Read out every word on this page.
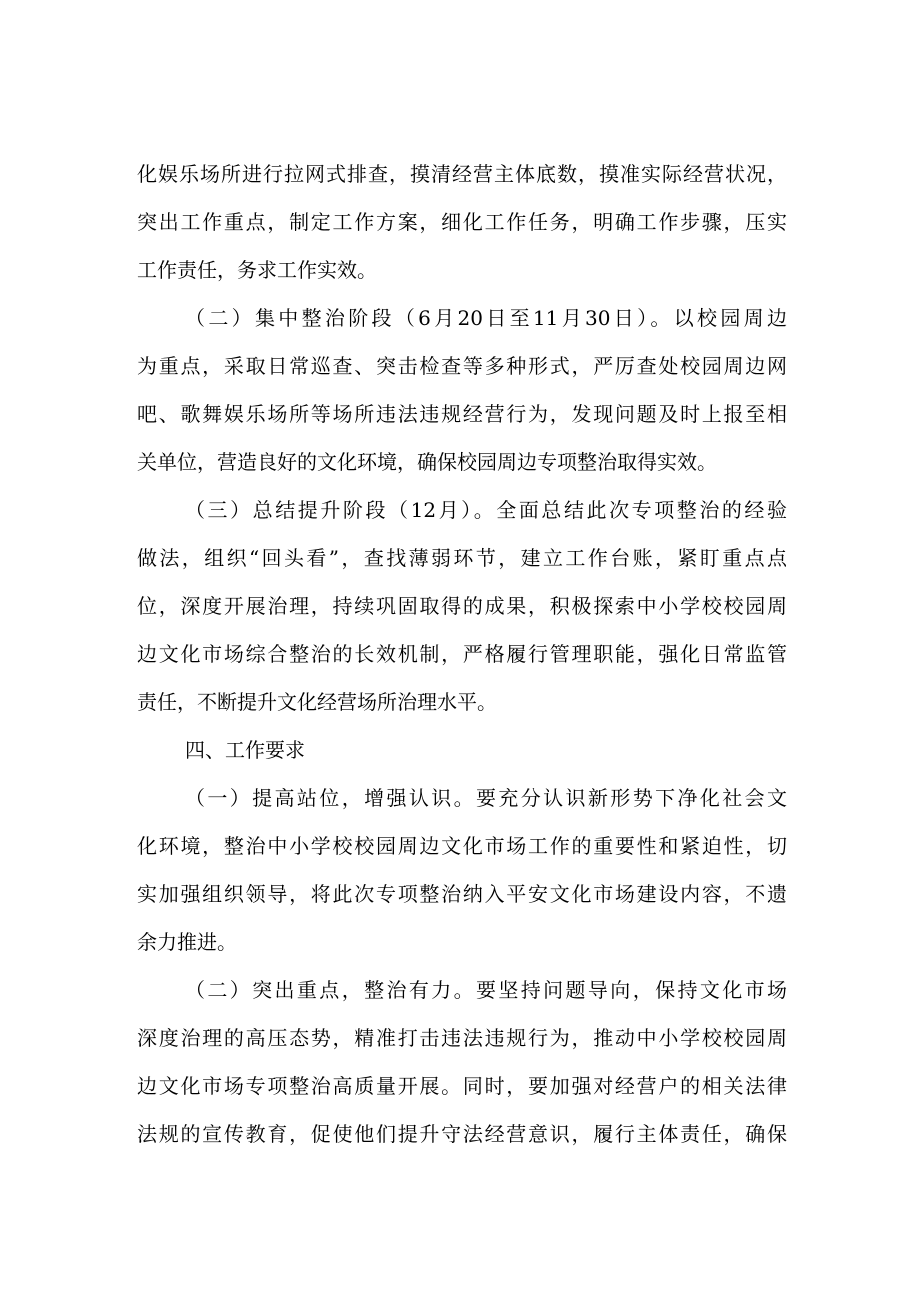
化娱乐场所进行拉网式排查，摸清经营主体底数，摸准实际经营状况，
突出工作重点，制定工作方案，细化工作任务，明确工作步骤，压实
工作责任，务求工作实效。
（二）集中整治阶段（6月20日至11月30日）。以校园周边
为重点，采取日常巡查、突击检查等多种形式，严厉查处校园周边网
吧、歌舞娱乐场所等场所违法违规经营行为，发现问题及时上报至相
关单位，营造良好的文化环境，确保校园周边专项整治取得实效。
（三）总结提升阶段（12月）。全面总结此次专项整治的经验
做法，组织“回头看”，查找薄弱环节，建立工作台账，紧盯重点点
位，深度开展治理，持续巩固取得的成果，积极探索中小学校校园周
边文化市场综合整治的长效机制，严格履行管理职能，强化日常监管
责任，不断提升文化经营场所治理水平。
四、工作要求
（一）提高站位，增强认识。要充分认识新形势下净化社会文
化环境，整治中小学校校园周边文化市场工作的重要性和紧迫性，切
实加强组织领导，将此次专项整治纳入平安文化市场建设内容，不遗
余力推进。
（二）突出重点，整治有力。要坚持问题导向，保持文化市场
深度治理的高压态势，精准打击违法违规行为，推动中小学校校园周
边文化市场专项整治高质量开展。同时，要加强对经营户的相关法律
法规的宣传教育，促使他们提升守法经营意识，履行主体责任，确保
